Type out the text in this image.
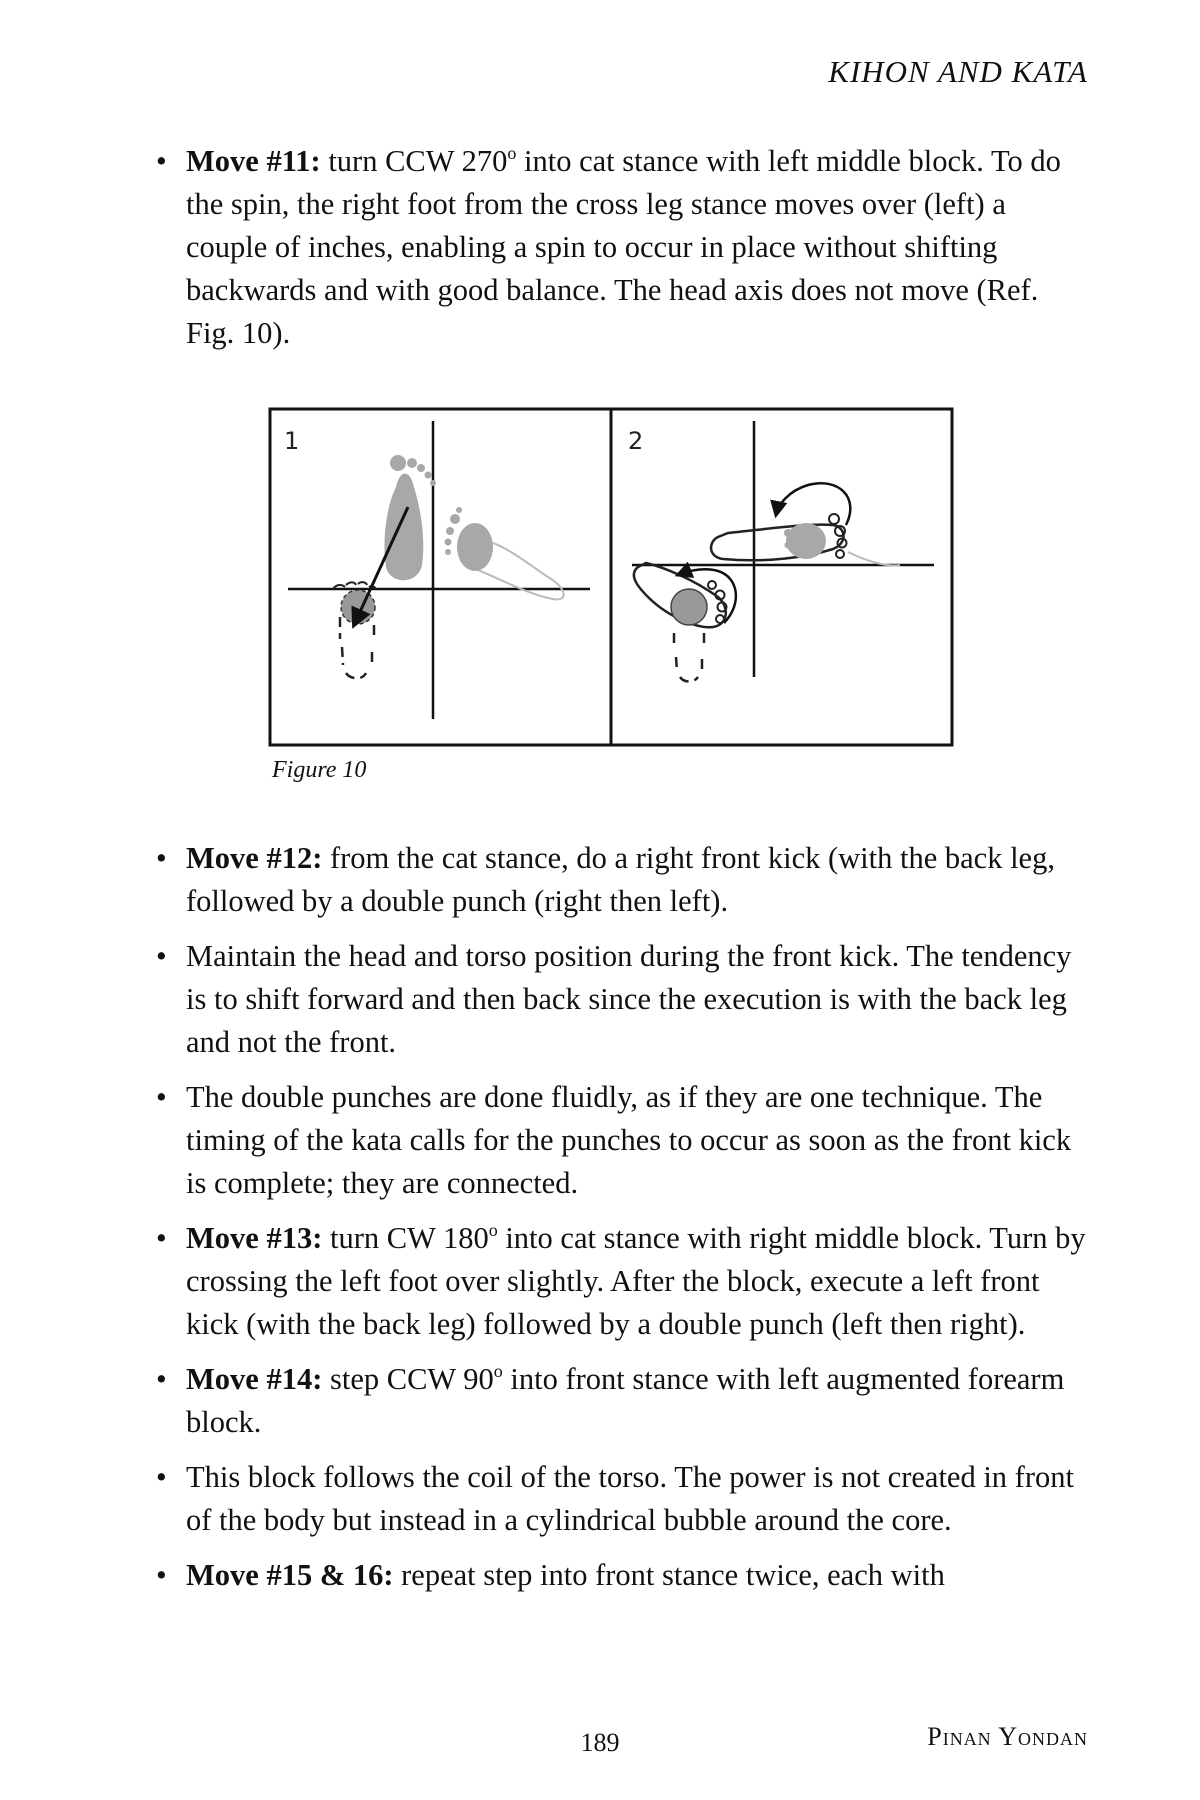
KIHON AND KATA
• Move #11: turn CCW 270$^o$ into cat stance with left middle block. To do the spin, the right foot from the cross leg stance moves over (left) a couple of inches, enabling a spin to occur in place without shifting backwards and with good balance. The head axis does not move (Ref. Fig. 10).
1	2
Figure 10
• Move #12: from the cat stance, do a right front kick (with the back leg, followed by a double punch (right then left).
• Maintain the head and torso position during the front kick. The tendency is to shift forward and then back since the execution is with the back leg and not the front.
• The double punches are done fluidly, as if they are one technique. The timing of the kata calls for the punches to occur as soon as the front kick is complete; they are connected.
• Move #13: turn CW 180$^o$ into cat stance with right middle block. Turn by crossing the left foot over slightly. After the block, execute a left front kick (with the back leg) followed by a double punch (left then right).
• Move #14: step CCW 90$^o$ into front stance with left augmented forearm block.
• This block follows the coil of the torso. The power is not created in front of the body but instead in a cylindrical bubble around the core.
• Move #15 & 16: repeat step into front stance twice, each with
189	Pinan Yondan
